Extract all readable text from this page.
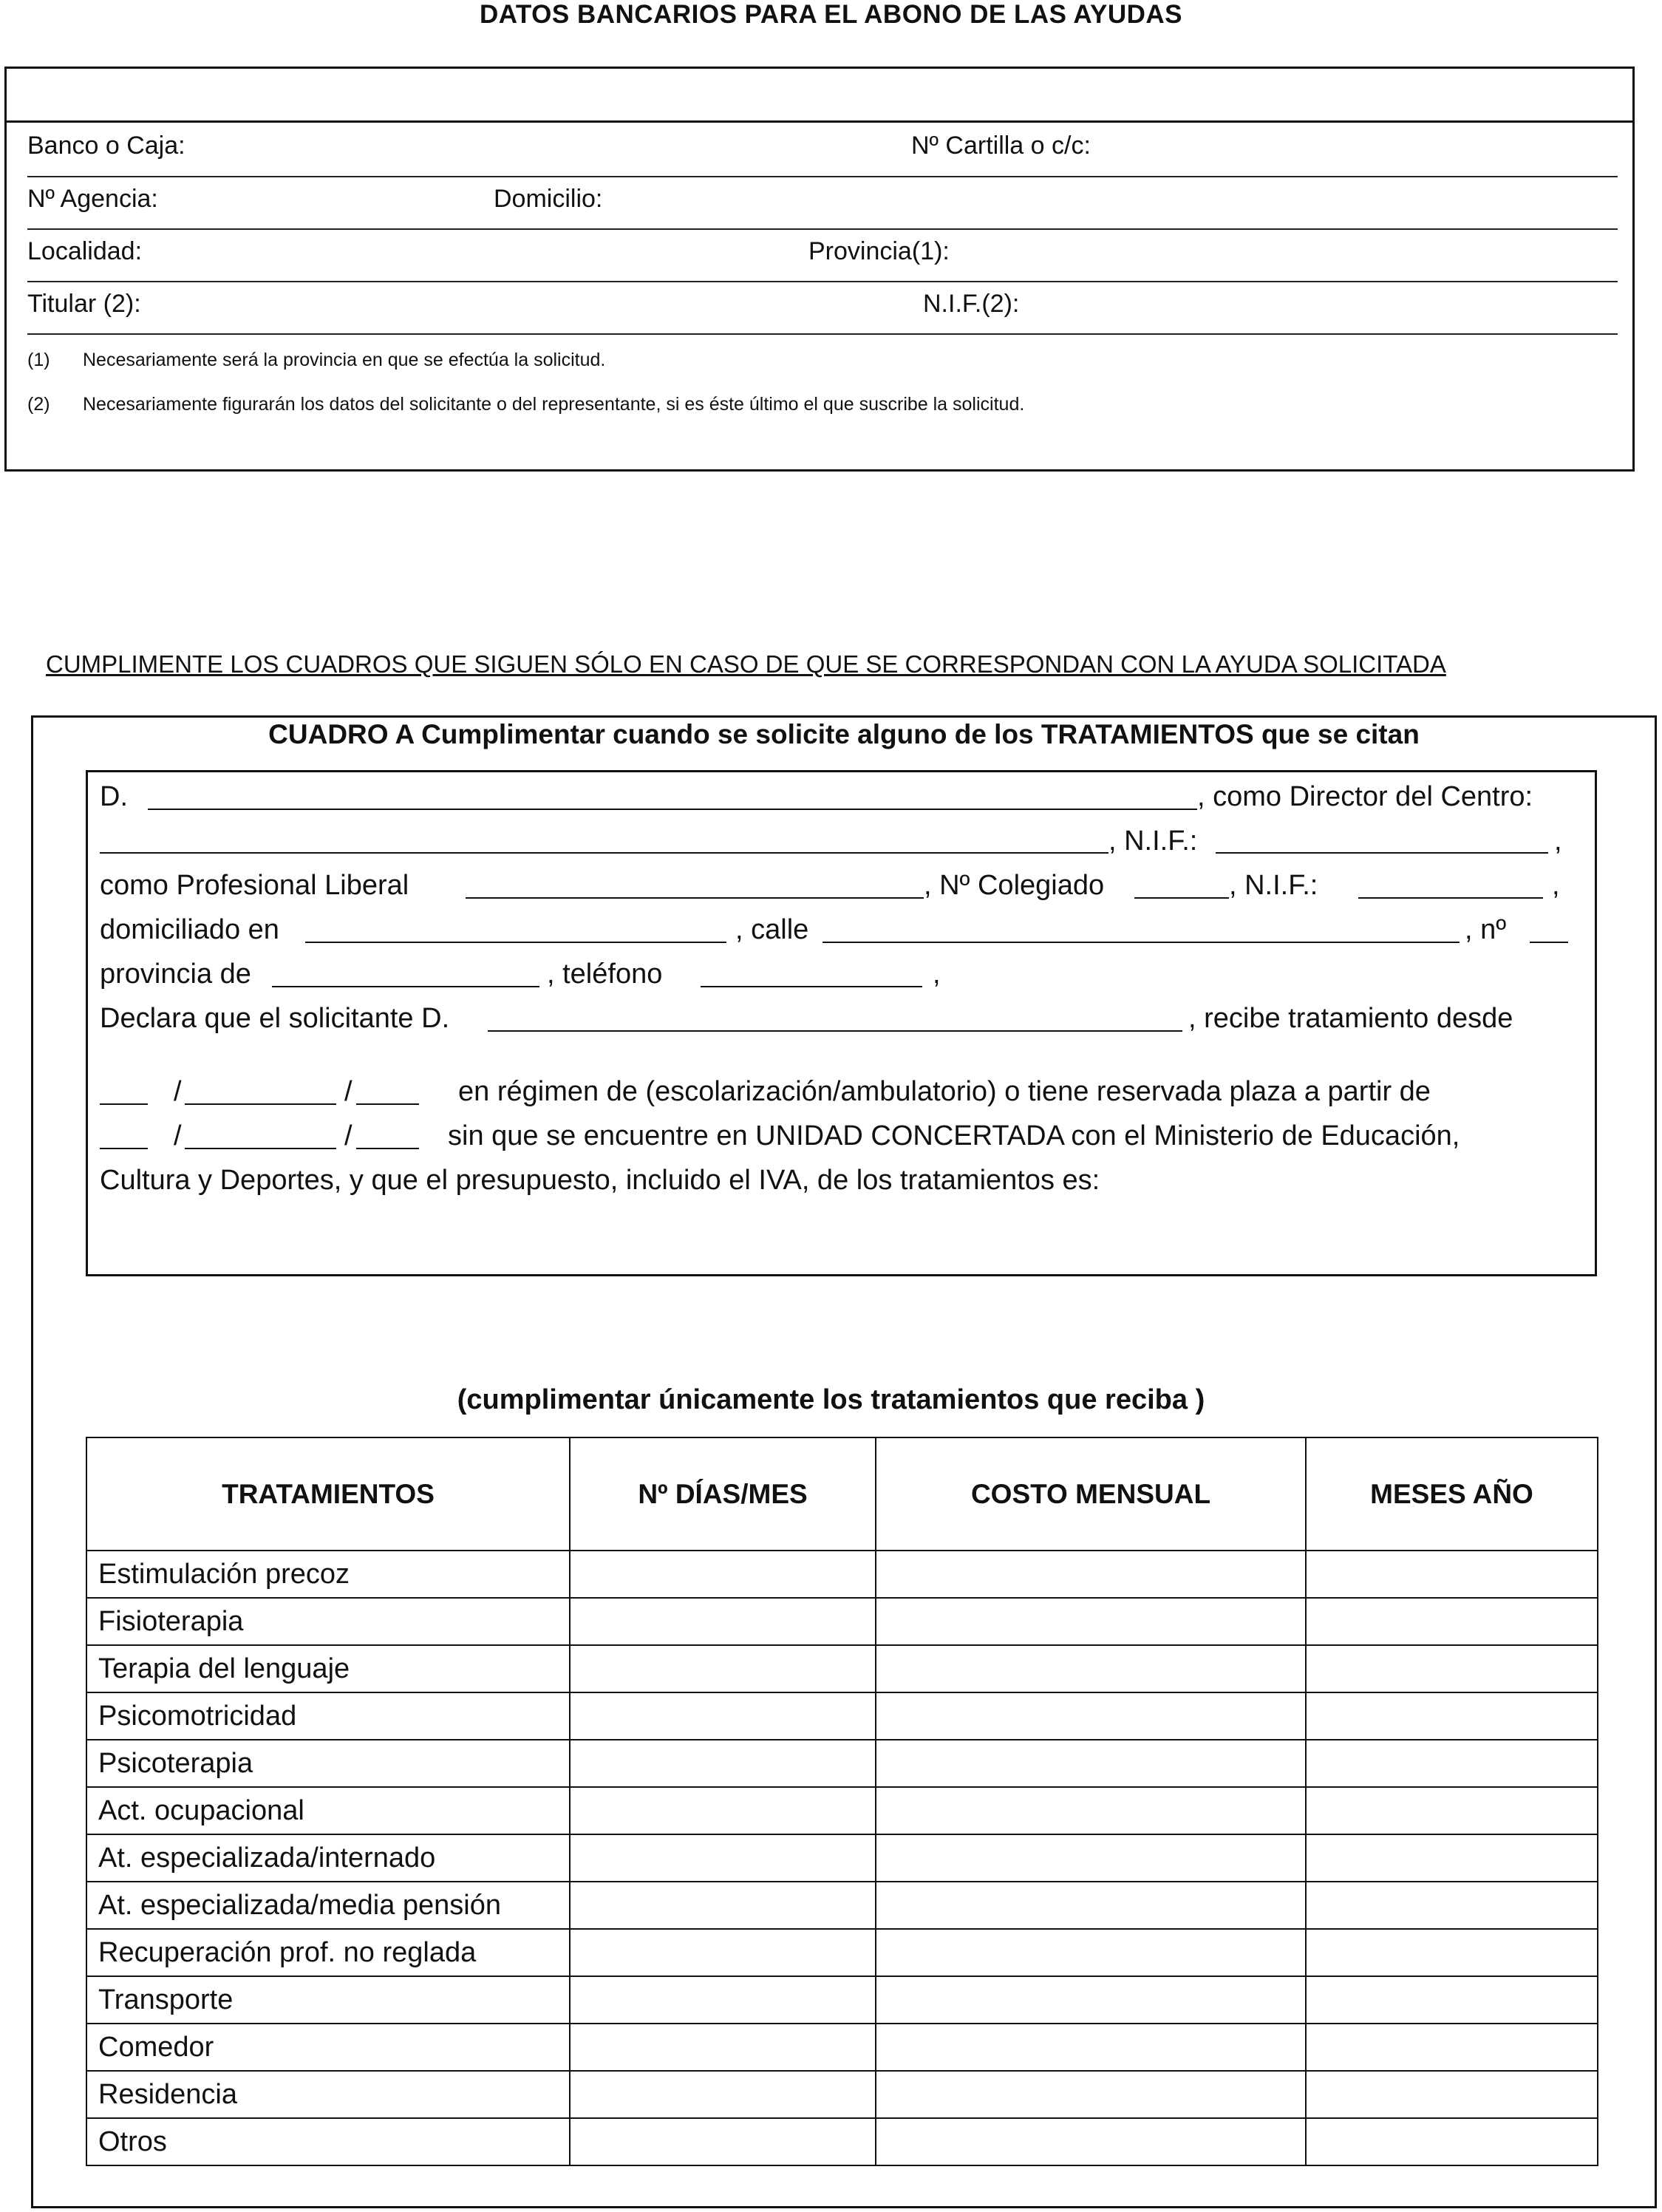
DATOS BANCARIOS PARA EL ABONO DE LAS AYUDAS
Banco o Caja:	Nº Cartilla o c/c:
Nº Agencia:	Domicilio:
Localidad:	Provincia(1):
Titular (2):	N.I.F.(2):
(1) Necesariamente será la provincia en que se efectúa la solicitud.
(2) Necesariamente figurarán los datos del solicitante o del representante, si es éste último el que suscribe la solicitud.
CUMPLIMENTE LOS CUADROS QUE SIGUEN SÓLO EN CASO DE QUE SE CORRESPONDAN CON LA AYUDA SOLICITADA
CUADRO A Cumplimentar cuando se solicite alguno de los TRATAMIENTOS que se citan
D.	, como Director del Centro:
, N.I.F.:	,
como Profesional Liberal	, Nº Colegiado	, N.I.F.:	,
domiciliado en	, calle	, nº
provincia de	, teléfono	,
Declara que el solicitante D.	, recibe tratamiento desde
/	/	en régimen de (escolarización/ambulatorio) o tiene reservada plaza a partir de
/	/	sin que se encuentre en UNIDAD CONCERTADA con el Ministerio de Educación,
Cultura y Deportes, y que el presupuesto, incluido el IVA, de los tratamientos es:
(cumplimentar únicamente los tratamientos que reciba )
TRATAMIENTOS	Nº DÍAS/MES	COSTO MENSUAL	MESES AÑO
Estimulación precoz			
Fisioterapia			
Terapia del lenguaje			
Psicomotricidad			
Psicoterapia			
Act. ocupacional			
At. especializada/internado			
At. especializada/media pensión			
Recuperación prof. no reglada			
Transporte			
Comedor			
Residencia			
Otros			
